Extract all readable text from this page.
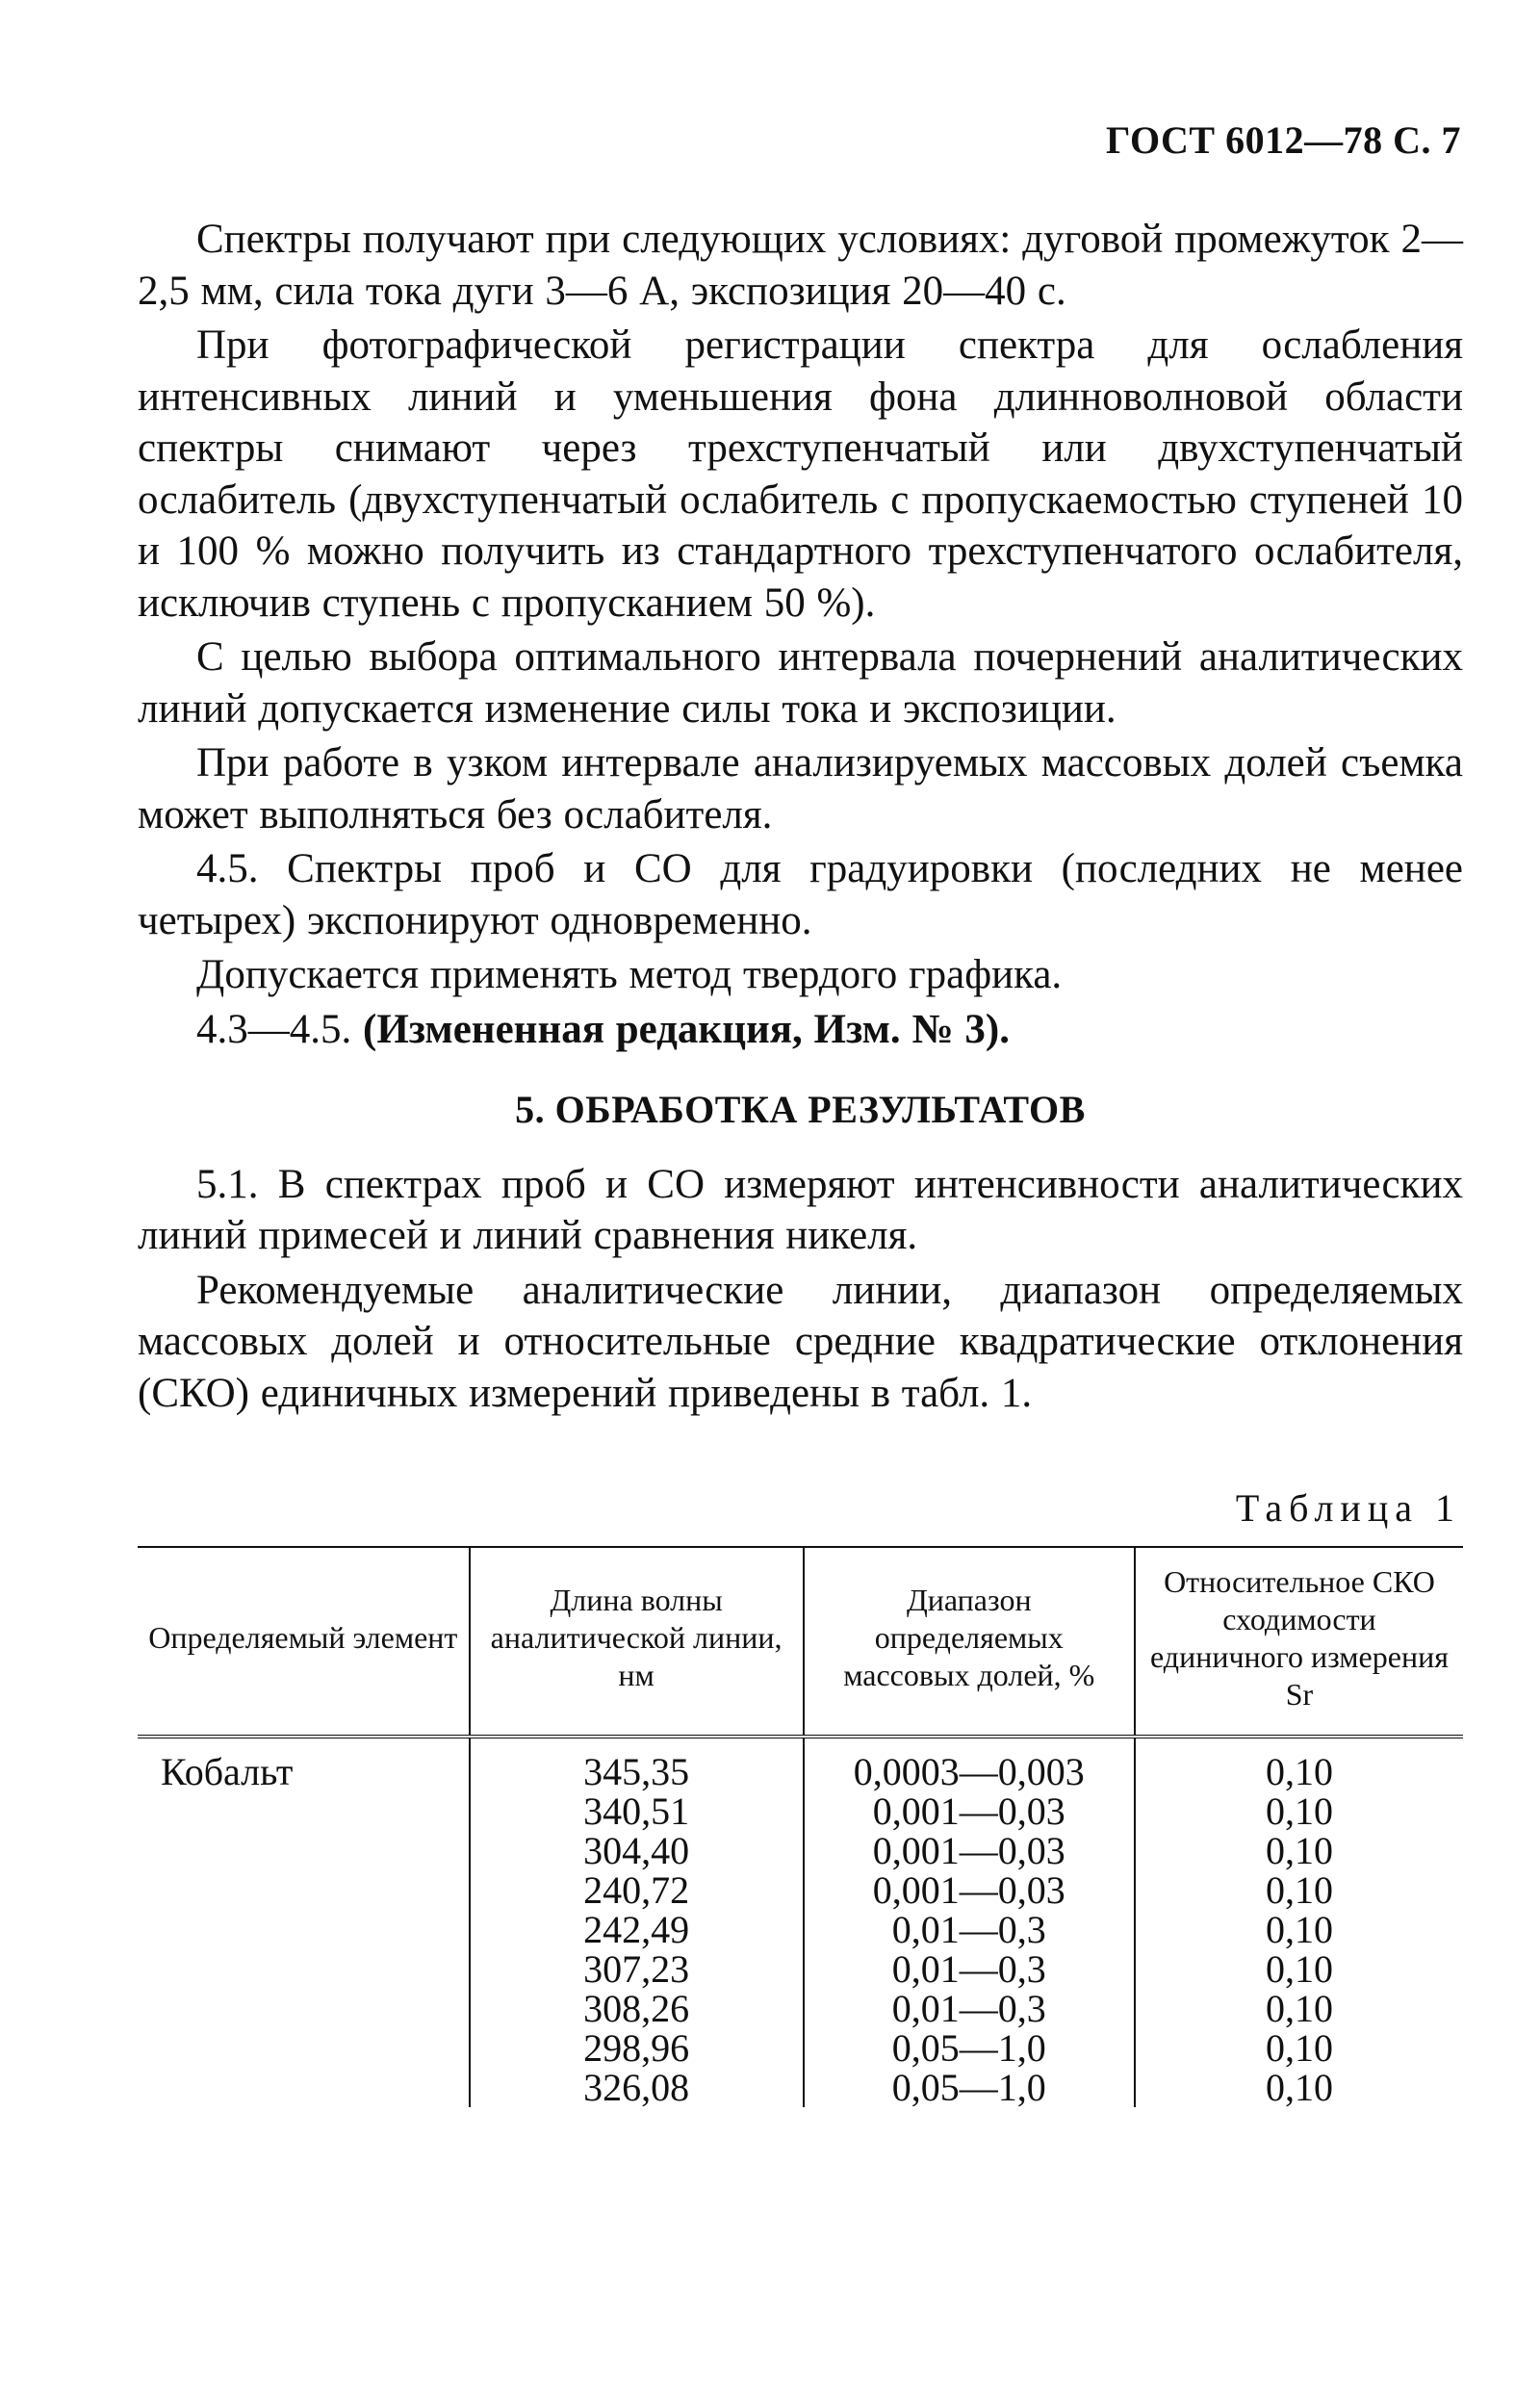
ГОСТ 6012—78 С. 7

Спектры получают при следующих условиях: дуговой промежуток 2—2,5 мм, сила тока дуги 3—6 А, экспозиция 20—40 с.

При фотографической регистрации спектра для ослабления интенсивных линий и уменьшения фона длинноволновой области спектры снимают через трехступенчатый или двухступенчатый ослабитель (двухступенчатый ослабитель с пропускаемостью ступеней 10 и 100 % можно получить из стандартного трехступенчатого ослабителя, исключив ступень с пропусканием 50 %).

С целью выбора оптимального интервала почернений аналитических линий допускается изменение силы тока и экспозиции.

При работе в узком интервале анализируемых массовых долей съемка может выполняться без ослабителя.

4.5. Спектры проб и СО для градуировки (последних не менее четырех) экспонируют одновременно.

Допускается применять метод твердого графика.

4.3—4.5. (Измененная редакция, Изм. № 3).

5. ОБРАБОТКА РЕЗУЛЬТАТОВ

5.1. В спектрах проб и СО измеряют интенсивности аналитических линий примесей и линий сравнения никеля.

Рекомендуемые аналитические линии, диапазон определяемых массовых долей и относительные средние квадратические отклонения (СКО) единичных измерений приведены в табл. 1.

Таблица 1
Определяемый элемент	Длина волны аналитической линии, нм	Диапазон определяемых массовых долей, %	Относительное СКО сходимости единичного измерения Sr
Кобальт	345,35	0,0003—0,003	0,10
	340,51	0,001—0,03	0,10
	304,40	0,001—0,03	0,10
	240,72	0,001—0,03	0,10
	242,49	0,01—0,3	0,10
	307,23	0,01—0,3	0,10
	308,26	0,01—0,3	0,10
	298,96	0,05—1,0	0,10
	326,08	0,05—1,0	0,10
